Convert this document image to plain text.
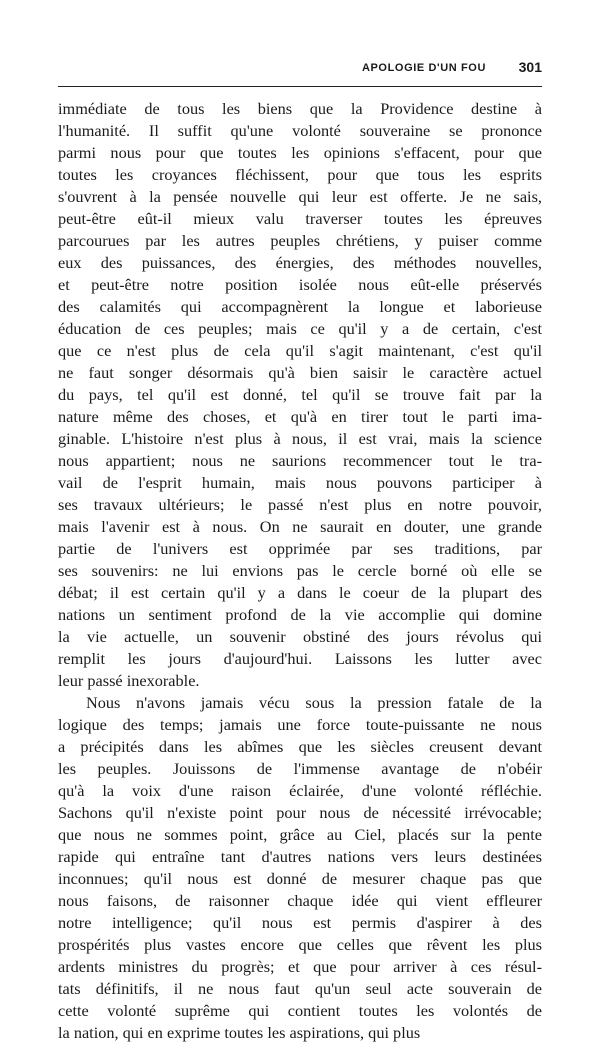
APOLOGIE D'UN FOU 301
immédiate de tous les biens que la Providence destine à
l'humanité. Il suffit qu'une volonté souveraine se prononce
parmi nous pour que toutes les opinions s'effacent, pour que
toutes les croyances fléchissent, pour que tous les esprits
s'ouvrent à la pensée nouvelle qui leur est offerte. Je ne sais,
peut-être eût-il mieux valu traverser toutes les épreuves
parcourues par les autres peuples chrétiens, y puiser comme
eux des puissances, des énergies, des méthodes nouvelles,
et peut-être notre position isolée nous eût-elle préservés
des calamités qui accompagnèrent la longue et laborieuse
éducation de ces peuples; mais ce qu'il y a de certain, c'est
que ce n'est plus de cela qu'il s'agit maintenant, c'est qu'il
ne faut songer désormais qu'à bien saisir le caractère actuel
du pays, tel qu'il est donné, tel qu'il se trouve fait par la
nature même des choses, et qu'à en tirer tout le parti ima-
ginable. L'histoire n'est plus à nous, il est vrai, mais la science
nous appartient; nous ne saurions recommencer tout le tra-
vail de l'esprit humain, mais nous pouvons participer à
ses travaux ultérieurs; le passé n'est plus en notre pouvoir,
mais l'avenir est à nous. On ne saurait en douter, une grande
partie de l'univers est opprimée par ses traditions, par
ses souvenirs: ne lui envions pas le cercle borné où elle se
débat; il est certain qu'il y a dans le coeur de la plupart des
nations un sentiment profond de la vie accomplie qui domine
la vie actuelle, un souvenir obstiné des jours révolus qui
remplit les jours d'aujourd'hui. Laissons les lutter avec
leur passé inexorable.
Nous n'avons jamais vécu sous la pression fatale de la
logique des temps; jamais une force toute-puissante ne nous
a précipités dans les abîmes que les siècles creusent devant
les peuples. Jouissons de l'immense avantage de n'obéir
qu'à la voix d'une raison éclairée, d'une volonté réfléchie.
Sachons qu'il n'existe point pour nous de nécessité irrévocable;
que nous ne sommes point, grâce au Ciel, placés sur la pente
rapide qui entraîne tant d'autres nations vers leurs destinées
inconnues; qu'il nous est donné de mesurer chaque pas que
nous faisons, de raisonner chaque idée qui vient effleurer
notre intelligence; qu'il nous est permis d'aspirer à des
prospérités plus vastes encore que celles que rêvent les plus
ardents ministres du progrès; et que pour arriver à ces résul-
tats définitifs, il ne nous faut qu'un seul acte souverain de
cette volonté suprême qui contient toutes les volontés de
la nation, qui en exprime toutes les aspirations, qui plus
